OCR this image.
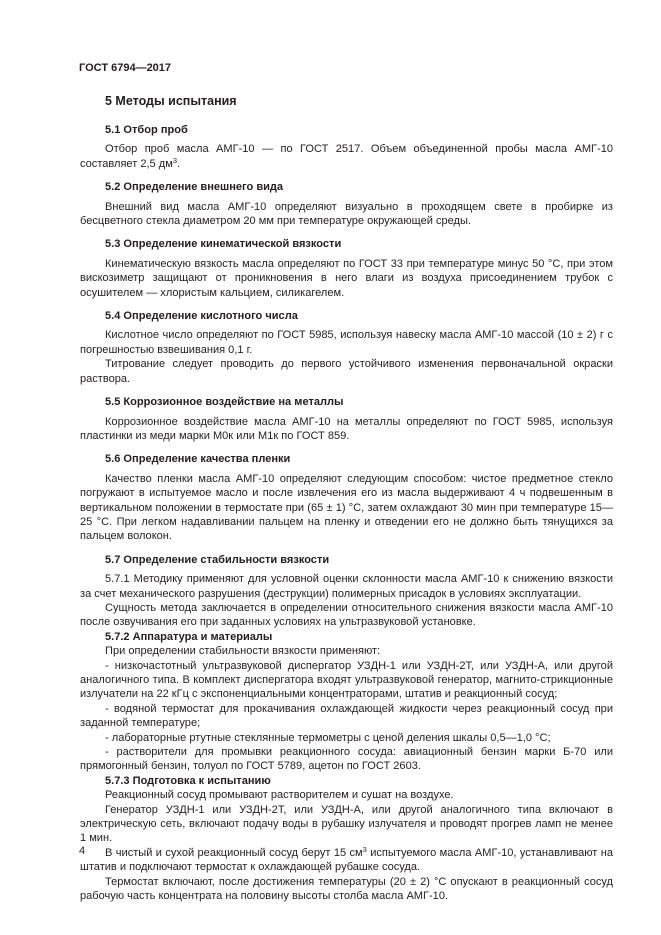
ГОСТ 6794—2017
5 Методы испытания
5.1 Отбор проб

Отбор проб масла АМГ-10 — по ГОСТ 2517. Объем объединенной пробы масла АМГ-10 составляет 2,5 $дм^3$.

5.2 Определение внешнего вида

Внешний вид масла АМГ-10 определяют визуально в проходящем свете в пробирке из бесцветного стекла диаметром 20 мм при температуре окружающей среды.

5.3 Определение кинематической вязкости

Кинематическую вязкость масла определяют по ГОСТ 33 при температуре минус 50 °С, при этом вискозиметр защищают от проникновения в него влаги из воздуха присоединением трубок с осушителем — хлористым кальцием, силикагелем.

5.4 Определение кислотного числа

Кислотное число определяют по ГОСТ 5985, используя навеску масла АМГ-10 массой (10 ± 2) г с погрешностью взвешивания 0,1 г.

Титрование следует проводить до первого устойчивого изменения первоначальной окраски раствора.

5.5 Коррозионное воздействие на металлы

Коррозионное воздействие масла АМГ-10 на металлы определяют по ГОСТ 5985, используя пластинки из меди марки М0к или М1к по ГОСТ 859.

5.6 Определение качества пленки

Качество пленки масла АМГ-10 определяют следующим способом: чистое предметное стекло погружают в испытуемое масло и после извлечения его из масла выдерживают 4 ч подвешенным в вертикальном положении в термостате при (65 ± 1) °С, затем охлаждают 30 мин при температуре 15—25 °С. При легком надавливании пальцем на пленку и отведении его не должно быть тянущихся за пальцем волокон.

5.7 Определение стабильности вязкости

5.7.1 Методику применяют для условной оценки склонности масла АМГ-10 к снижению вязкости за счет механического разрушения (деструкции) полимерных присадок в условиях эксплуатации.

Сущность метода заключается в определении относительного снижения вязкости масла АМГ-10 после озвучивания его при заданных условиях на ультразвуковой установке.

5.7.2 Аппаратура и материалы

При определении стабильности вязкости применяют:

- низкочастотный ультразвуковой диспергатор УЗДН-1 или УЗДН-2Т, или УЗДН-А, или другой аналогичного типа. В комплект диспергатора входят ультразвуковой генератор, магнито-стрикционные излучатели на 22 кГц с экспоненциальными концентраторами, штатив и реакционный сосуд;

- водяной термостат для прокачивания охлаждающей жидкости через реакционный сосуд при заданной температуре;

- лабораторные ртутные стеклянные термометры с ценой деления шкалы 0,5—1,0 °С;

- растворители для промывки реакционного сосуда: авиационный бензин марки Б-70 или прямогонный бензин, толуол по ГОСТ 5789, ацетон по ГОСТ 2603.

5.7.3 Подготовка к испытанию

Реакционный сосуд промывают растворителем и сушат на воздухе.

Генератор УЗДН-1 или УЗДН-2Т, или УЗДН-А, или другой аналогичного типа включают в электрическую сеть, включают подачу воды в рубашку излучателя и проводят прогрев ламп не менее 1 мин.

В чистый и сухой реакционный сосуд берут 15 $см^3$ испытуемого масла АМГ-10, устанавливают на штатив и подключают термостат к охлаждающей рубашке сосуда.

Термостат включают, после достижения температуры (20 ± 2) °С опускают в реакционный сосуд рабочую часть концентрата на половину высоты столба масла АМГ-10.

4
